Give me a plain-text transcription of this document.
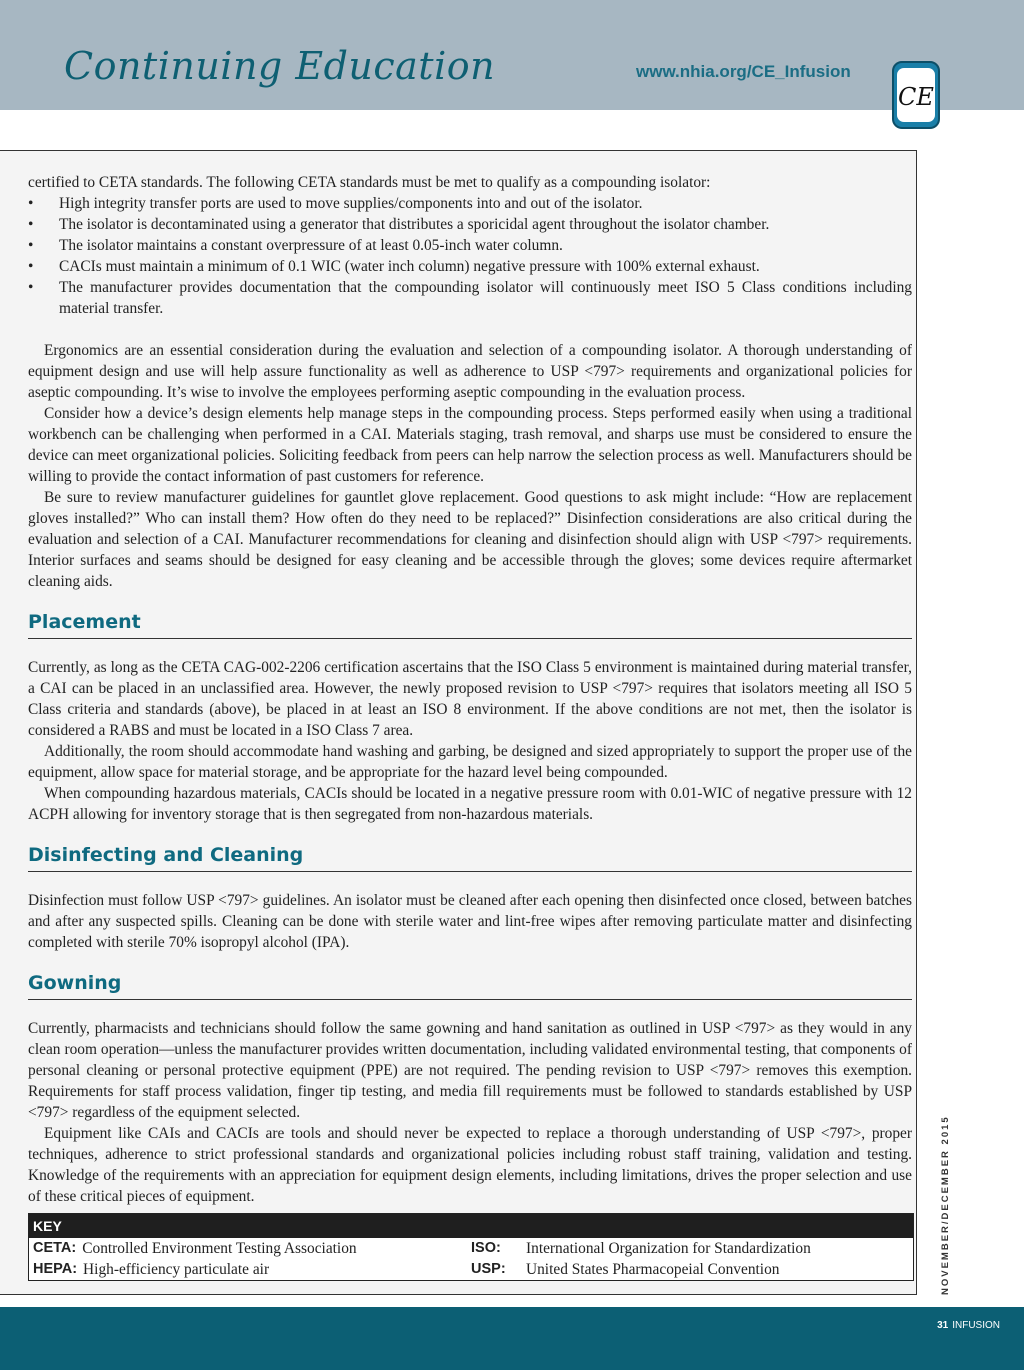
Continuing Education	www.nhia.org/CE_Infusion
CE

certified to CETA standards. The following CETA standards must be met to qualify as a compounding isolator:

• High integrity transfer ports are used to move supplies/components into and out of the isolator.
• The isolator is decontaminated using a generator that distributes a sporicidal agent throughout the isolator chamber.
• The isolator maintains a constant overpressure of at least 0.05-inch water column.
• CACIs must maintain a minimum of 0.1 WIC (water inch column) negative pressure with 100% external exhaust.
• The manufacturer provides documentation that the compounding isolator will continuously meet ISO 5 Class conditions including material transfer.

Ergonomics are an essential consideration during the evaluation and selection of a compounding isolator. A thorough understanding of equipment design and use will help assure functionality as well as adherence to USP <797> requirements and organizational policies for aseptic compounding. It’s wise to involve the employees performing aseptic compounding in the evaluation process.

Consider how a device’s design elements help manage steps in the compounding process. Steps performed easily when using a traditional workbench can be challenging when performed in a CAI. Materials staging, trash removal, and sharps use must be considered to ensure the device can meet organizational policies. Soliciting feedback from peers can help narrow the selection process as well. Manufacturers should be willing to provide the contact information of past customers for reference.

Be sure to review manufacturer guidelines for gauntlet glove replacement. Good questions to ask might include: “How are replacement gloves installed?” Who can install them? How often do they need to be replaced?” Disinfection considerations are also critical during the evaluation and selection of a CAI. Manufacturer recommendations for cleaning and disinfection should align with USP <797> requirements. Interior surfaces and seams should be designed for easy cleaning and be accessible through the gloves; some devices require aftermarket cleaning aids.

Placement

Currently, as long as the CETA CAG-002-2206 certification ascertains that the ISO Class 5 environment is maintained during material transfer, a CAI can be placed in an unclassified area. However, the newly proposed revision to USP <797> requires that isolators meeting all ISO 5 Class criteria and standards (above), be placed in at least an ISO 8 environment. If the above conditions are not met, then the isolator is considered a RABS and must be located in a ISO Class 7 area.

Additionally, the room should accommodate hand washing and garbing, be designed and sized appropriately to support the proper use of the equipment, allow space for material storage, and be appropriate for the hazard level being compounded.

When compounding hazardous materials, CACIs should be located in a negative pressure room with 0.01-WIC of negative pressure with 12 ACPH allowing for inventory storage that is then segregated from non-hazardous materials.

Disinfecting and Cleaning

Disinfection must follow USP <797> guidelines. An isolator must be cleaned after each opening then disinfected once closed, between batches and after any suspected spills. Cleaning can be done with sterile water and lint-free wipes after removing particulate matter and disinfecting completed with sterile 70% isopropyl alcohol (IPA).

Gowning

Currently, pharmacists and technicians should follow the same gowning and hand sanitation as outlined in USP <797> as they would in any clean room operation—unless the manufacturer provides written documentation, including validated environmental testing, that components of personal cleaning or personal protective equipment (PPE) are not required. The pending revision to USP <797> removes this exemption. Requirements for staff process validation, finger tip testing, and media fill requirements must be followed to standards established by USP <797> regardless of the equipment selected.

Equipment like CAIs and CACIs are tools and should never be expected to replace a thorough understanding of USP <797>, proper techniques, adherence to strict professional standards and organizational policies including robust staff training, validation and testing. Knowledge of the requirements with an appreciation for equipment design elements, including limitations, drives the proper selection and use of these critical pieces of equipment.

KEY
CETA: Controlled Environment Testing Association	ISO:	International Organization for Standardization
HEPA: High-efficiency particulate air	USP:	United States Pharmacopeial Convention	NOVEMBER/DECEMBER 2015
31 INFUSION
